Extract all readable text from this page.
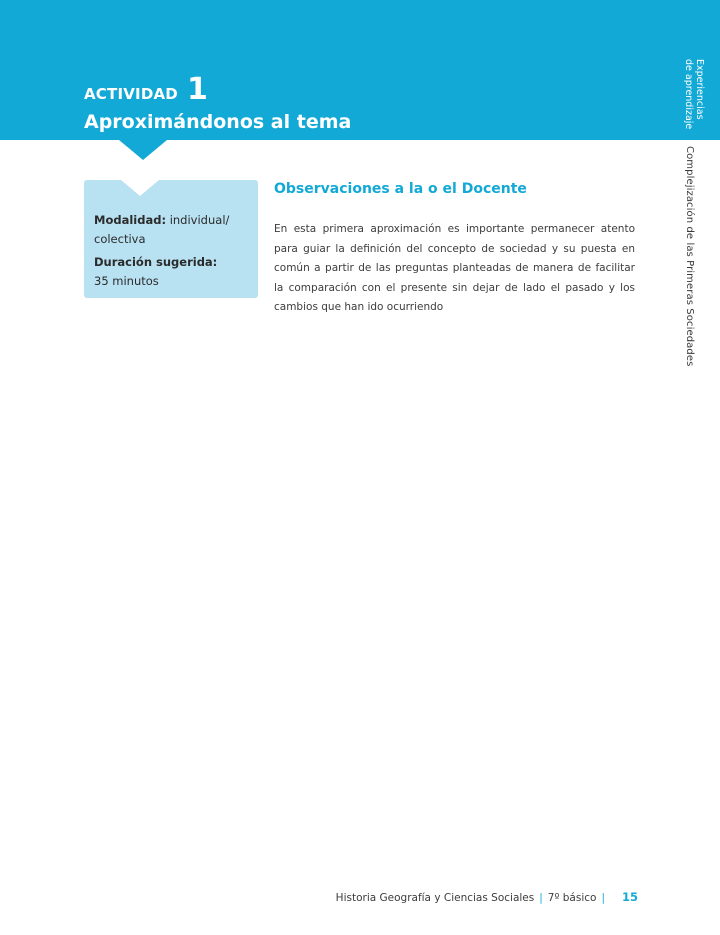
ACTIVIDAD 1
Aproximándonos al tema
Experiencias
de aprendizaje
Complejización de las Primeras Sociedades
Modalidad: individual/
colectiva
Duración sugerida:
35 minutos
Observaciones a la o el Docente

En esta primera aproximación es importante permanecer atento para guiar la definición del concepto de sociedad y su puesta en común a partir de las preguntas planteadas de manera de facilitar la comparación con el presente sin dejar de lado el pasado y los cambios que han ido ocurriendo

Historia Geografía y Ciencias Sociales | 7º básico | 15
